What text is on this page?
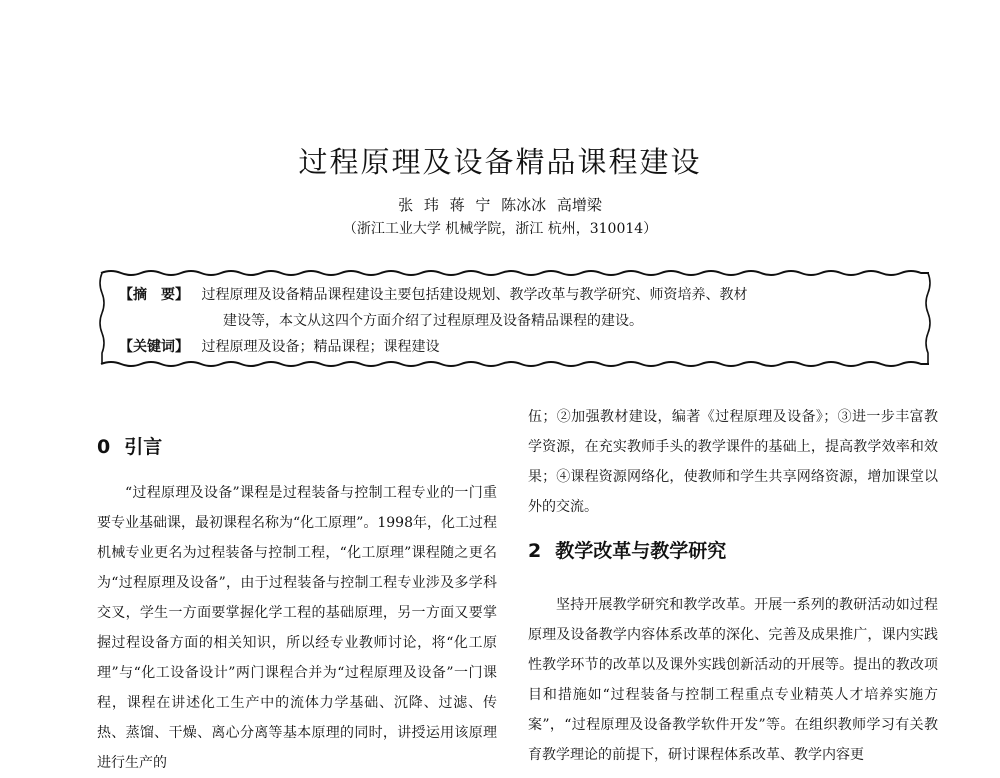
过程原理及设备精品课程建设
张 玮 蒋 宁 陈冰冰 高增梁
（浙江工业大学 机械学院，浙江 杭州，310014）
【摘　要】 过程原理及设备精品课程建设主要包括建设规划、教学改革与教学研究、师资培养、教材
建设等，本文从这四个方面介绍了过程原理及设备精品课程的建设。
【关键词】 过程原理及设备；精品课程；课程建设
0 引言

“过程原理及设备”课程是过程装备与控制工程专业的一门重要专业基础课，最初课程名称为“化工原理”。1998年，化工过程机械专业更名为过程装备与控制工程，“化工原理”课程随之更名为“过程原理及设备”，由于过程装备与控制工程专业涉及多学科交叉，学生一方面要掌握化学工程的基础原理，另一方面又要掌握过程设备方面的相关知识，所以经专业教师讨论，将“化工原理”与“化工设备设计”两门课程合并为“过程原理及设备”一门课程，课程在讲述化工生产中的流体力学基础、沉降、过滤、传热、蒸馏、干燥、离心分离等基本原理的同时，讲授运用该原理进行生产的

伍；②加强教材建设，编著《过程原理及设备》；③进一步丰富教学资源，在充实教师手头的教学课件的基础上，提高教学效率和效果；④课程资源网络化，使教师和学生共享网络资源，增加课堂以外的交流。

2 教学改革与教学研究

坚持开展教学研究和教学改革。开展一系列的教研活动如过程原理及设备教学内容体系改革的深化、完善及成果推广，课内实践性教学环节的改革以及课外实践创新活动的开展等。提出的教改项目和措施如“过程装备与控制工程重点专业精英人才培养实施方案”，“过程原理及设备教学软件开发”等。在组织教师学习有关教育教学理论的前提下，研讨课程体系改革、教学内容更
